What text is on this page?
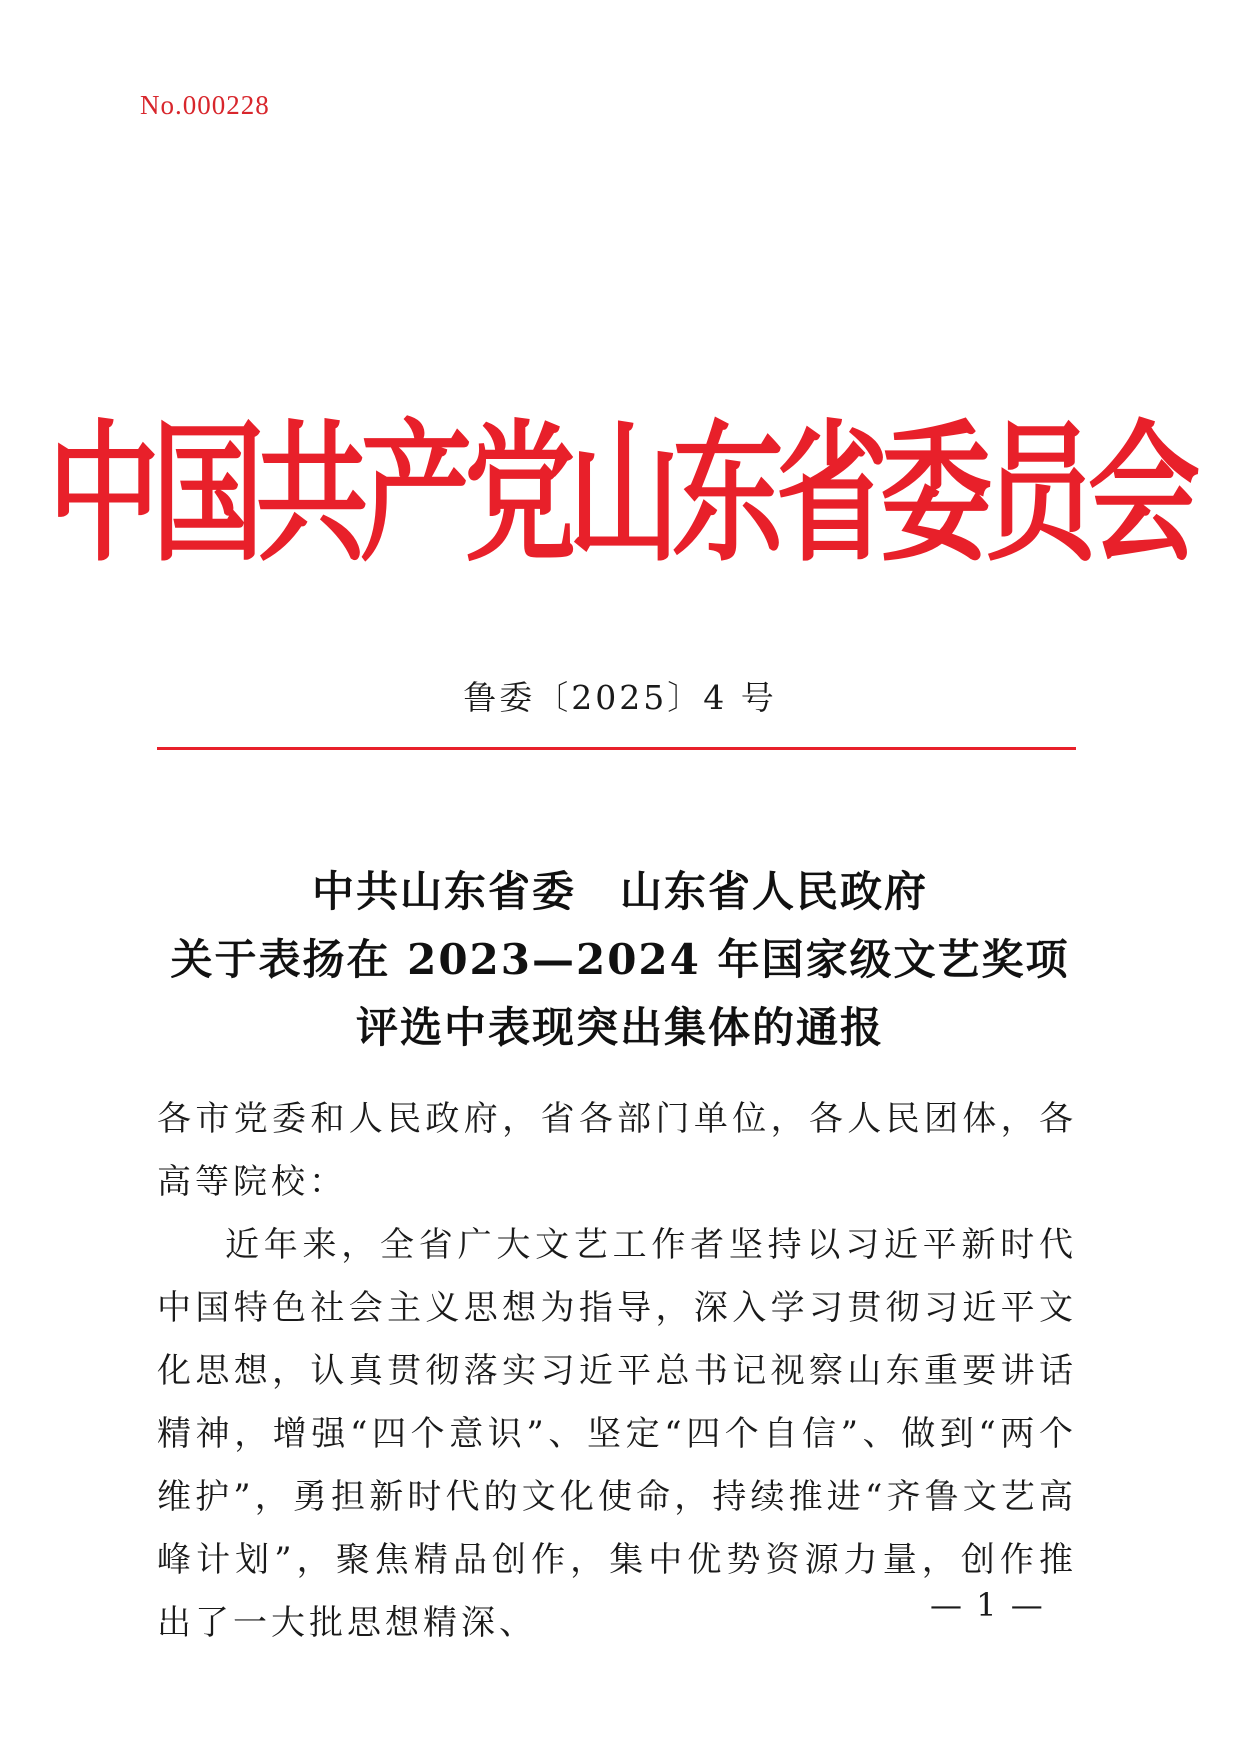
No.000228
中国共产党山东省委员会
鲁委〔2025〕4 号
中共山东省委　山东省人民政府
关于表扬在 2023—2024 年国家级文艺奖项
评选中表现突出集体的通报

各市党委和人民政府，省各部门单位，各人民团体，各高等院校：

近年来，全省广大文艺工作者坚持以习近平新时代中国特色社会主义思想为指导，深入学习贯彻习近平文化思想，认真贯彻落实习近平总书记视察山东重要讲话精神，增强“四个意识”、坚定“四个自信”、做到“两个维护”，勇担新时代的文化使命，持续推进“齐鲁文艺高峰计划”，聚焦精品创作，集中优势资源力量，创作推出了一大批思想精深、	— 1 —
